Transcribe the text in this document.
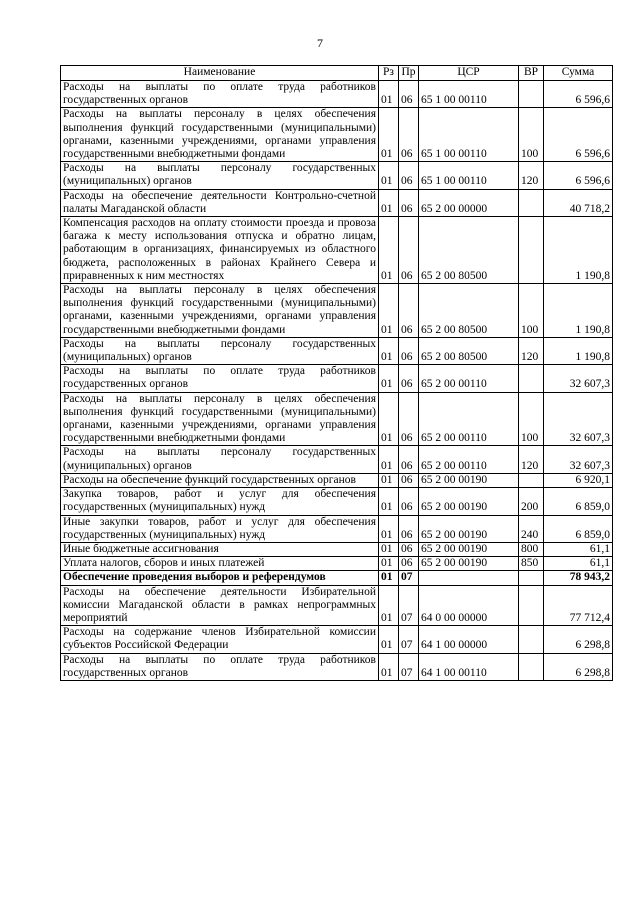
7
Наименование	Рз	Пр	ЦСР	ВР	Сумма
Расходы на выплаты по оплате труда работников государственных органов	01	06	65 1 00 00110		6 596,6
Расходы на выплаты персоналу в целях обеспечения выполнения функций государственными (муниципальными) органами, казенными учреждениями, органами управления государственными внебюджетными фондами	01	06	65 1 00 00110	100	6 596,6
Расходы на выплаты персоналу государственных (муниципальных) органов	01	06	65 1 00 00110	120	6 596,6
Расходы на обеспечение деятельности Контрольно-счетной палаты Магаданской области	01	06	65 2 00 00000		40 718,2
Компенсация расходов на оплату стоимости проезда и провоза багажа к месту использования отпуска и обратно лицам, работающим в организациях, финансируемых из областного бюджета, расположенных в районах Крайнего Севера и приравненных к ним местностях	01	06	65 2 00 80500		1 190,8
Расходы на выплаты персоналу в целях обеспечения выполнения функций государственными (муниципальными) органами, казенными учреждениями, органами управления государственными внебюджетными фондами	01	06	65 2 00 80500	100	1 190,8
Расходы на выплаты персоналу государственных (муниципальных) органов	01	06	65 2 00 80500	120	1 190,8
Расходы на выплаты по оплате труда работников государственных органов	01	06	65 2 00 00110		32 607,3
Расходы на выплаты персоналу в целях обеспечения выполнения функций государственными (муниципальными) органами, казенными учреждениями, органами управления государственными внебюджетными фондами	01	06	65 2 00 00110	100	32 607,3
Расходы на выплаты персоналу государственных (муниципальных) органов	01	06	65 2 00 00110	120	32 607,3
Расходы на обеспечение функций государственных органов	01	06	65 2 00 00190		6 920,1
Закупка товаров, работ и услуг для обеспечения государственных (муниципальных) нужд	01	06	65 2 00 00190	200	6 859,0
Иные закупки товаров, работ и услуг для обеспечения государственных (муниципальных) нужд	01	06	65 2 00 00190	240	6 859,0
Иные бюджетные ассигнования	01	06	65 2 00 00190	800	61,1
Уплата налогов, сборов и иных платежей	01	06	65 2 00 00190	850	61,1
Обеспечение проведения выборов и референдумов	01	07			78 943,2
Расходы на обеспечение деятельности Избирательной комиссии Магаданской области в рамках непрограммных мероприятий	01	07	64 0 00 00000		77 712,4
Расходы на содержание членов Избирательной комиссии субъектов Российской Федерации	01	07	64 1 00 00000		6 298,8
Расходы на выплаты по оплате труда работников государственных органов	01	07	64 1 00 00110		6 298,8
